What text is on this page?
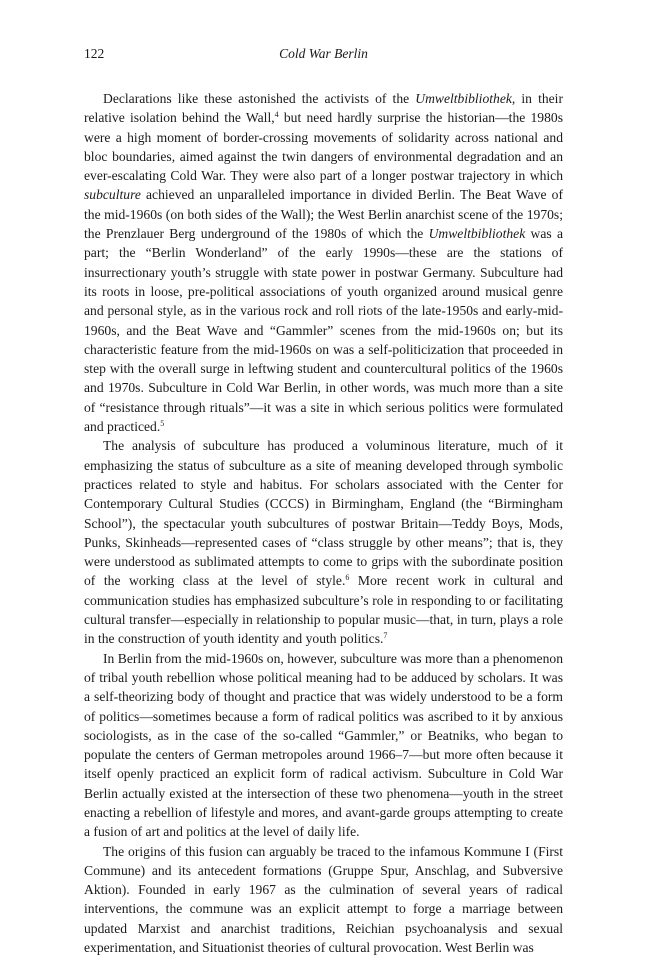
122	Cold War Berlin

Declarations like these astonished the activists of the Umweltbibliothek, in their relative isolation behind the Wall,$^4$ but need hardly surprise the historian—the 1980s were a high moment of border-crossing movements of solidarity across national and bloc boundaries, aimed against the twin dangers of environmental degradation and an ever-escalating Cold War. They were also part of a longer postwar trajectory in which subculture achieved an unparalleled importance in divided Berlin. The Beat Wave of the mid-1960s (on both sides of the Wall); the West Berlin anarchist scene of the 1970s; the Prenzlauer Berg underground of the 1980s of which the Umweltbibliothek was a part; the “Berlin Wonderland” of the early 1990s—these are the stations of insurrectionary youth’s struggle with state power in postwar Germany. Subculture had its roots in loose, pre-political associations of youth organized around musical genre and personal style, as in the various rock and roll riots of the late-1950s and early-mid-1960s, and the Beat Wave and “Gammler” scenes from the mid-1960s on; but its characteristic feature from the mid-1960s on was a self-politicization that proceeded in step with the overall surge in leftwing student and countercultural politics of the 1960s and 1970s. Subculture in Cold War Berlin, in other words, was much more than a site of “resistance through rituals”—it was a site in which serious politics were formulated and practiced.$^5$

The analysis of subculture has produced a voluminous literature, much of it emphasizing the status of subculture as a site of meaning developed through symbolic practices related to style and habitus. For scholars associated with the Center for Contemporary Cultural Studies (CCCS) in Birmingham, England (the “Birmingham School”), the spectacular youth subcultures of postwar Britain—Teddy Boys, Mods, Punks, Skinheads—represented cases of “class struggle by other means”; that is, they were understood as sublimated attempts to come to grips with the subordinate position of the working class at the level of style.$^6$ More recent work in cultural and communication studies has emphasized subculture’s role in responding to or facilitating cultural transfer—especially in relationship to popular music—that, in turn, plays a role in the construction of youth identity and youth politics.$^7$

In Berlin from the mid-1960s on, however, subculture was more than a phenomenon of tribal youth rebellion whose political meaning had to be adduced by scholars. It was a self-theorizing body of thought and practice that was widely understood to be a form of politics—sometimes because a form of radical politics was ascribed to it by anxious sociologists, as in the case of the so-called “Gammler,” or Beatniks, who began to populate the centers of German metropoles around 1966–7—but more often because it itself openly practiced an explicit form of radical activism. Subculture in Cold War Berlin actually existed at the intersection of these two phenomena—youth in the street enacting a rebellion of lifestyle and mores, and avant-garde groups attempting to create a fusion of art and politics at the level of daily life.

The origins of this fusion can arguably be traced to the infamous Kommune I (First Commune) and its antecedent formations (Gruppe Spur, Anschlag, and Subversive Aktion). Founded in early 1967 as the culmination of several years of radical interventions, the commune was an explicit attempt to forge a marriage between updated Marxist and anarchist traditions, Reichian psychoanalysis and sexual experimentation, and Situationist theories of cultural provocation. West Berlin was
